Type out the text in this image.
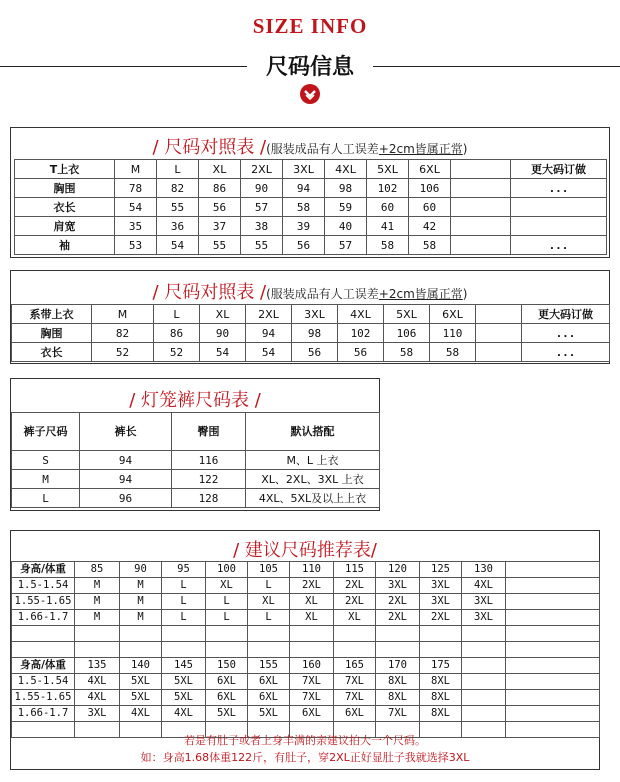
SIZE INFO
尺码信息
/ 尺码对照表 /(服装成品有人工误差+2cm皆属正常)
T上衣	M	L	XL	2XL	3XL	4XL	5XL	6XL		更大码订做
胸围	78	82	86	90	94	98	102	106		...
衣长	54	55	56	57	58	59	60	60		
肩宽	35	36	37	38	39	40	41	42		
袖	53	54	55	55	56	57	58	58		...
/ 尺码对照表 /(服装成品有人工误差+2cm皆属正常)
系带上衣	M	L	XL	2XL	3XL	4XL	5XL	6XL		更大码订做
胸围	82	86	90	94	98	102	106	110		...
衣长	52	52	54	54	56	56	58	58		...
/ 灯笼裤尺码表 /
裤子尺码	裤长	臀围	默认搭配
S	94	116	M、L 上衣
M	94	122	XL、2XL、3XL 上衣
L	96	128	4XL、5XL及以上上衣
/ 建议尺码推荐表/
身高/体重	85	90	95	100	105	110	115	120	125	130	
1.5-1.54	M	M	L	XL	L	2XL	2XL	3XL	3XL	4XL	
1.55-1.65	M	M	L	L	XL	XL	2XL	2XL	3XL	3XL	
1.66-1.7	M	M	L	L	L	XL	XL	2XL	2XL	3XL	

身高/体重	135	140	145	150	155	160	165	170	175		
1.5-1.54	4XL	5XL	5XL	6XL	6XL	7XL	7XL	8XL	8XL		
1.55-1.65	4XL	5XL	5XL	6XL	6XL	7XL	7XL	8XL	8XL		
1.66-1.7	3XL	4XL	4XL	5XL	5XL	6XL	6XL	7XL	8XL		

若是有肚子或者上身丰满的亲建议拍大一个尺码。
如：身高1.68体重122斤，有肚子，穿2XL正好显肚子我就选择3XL
